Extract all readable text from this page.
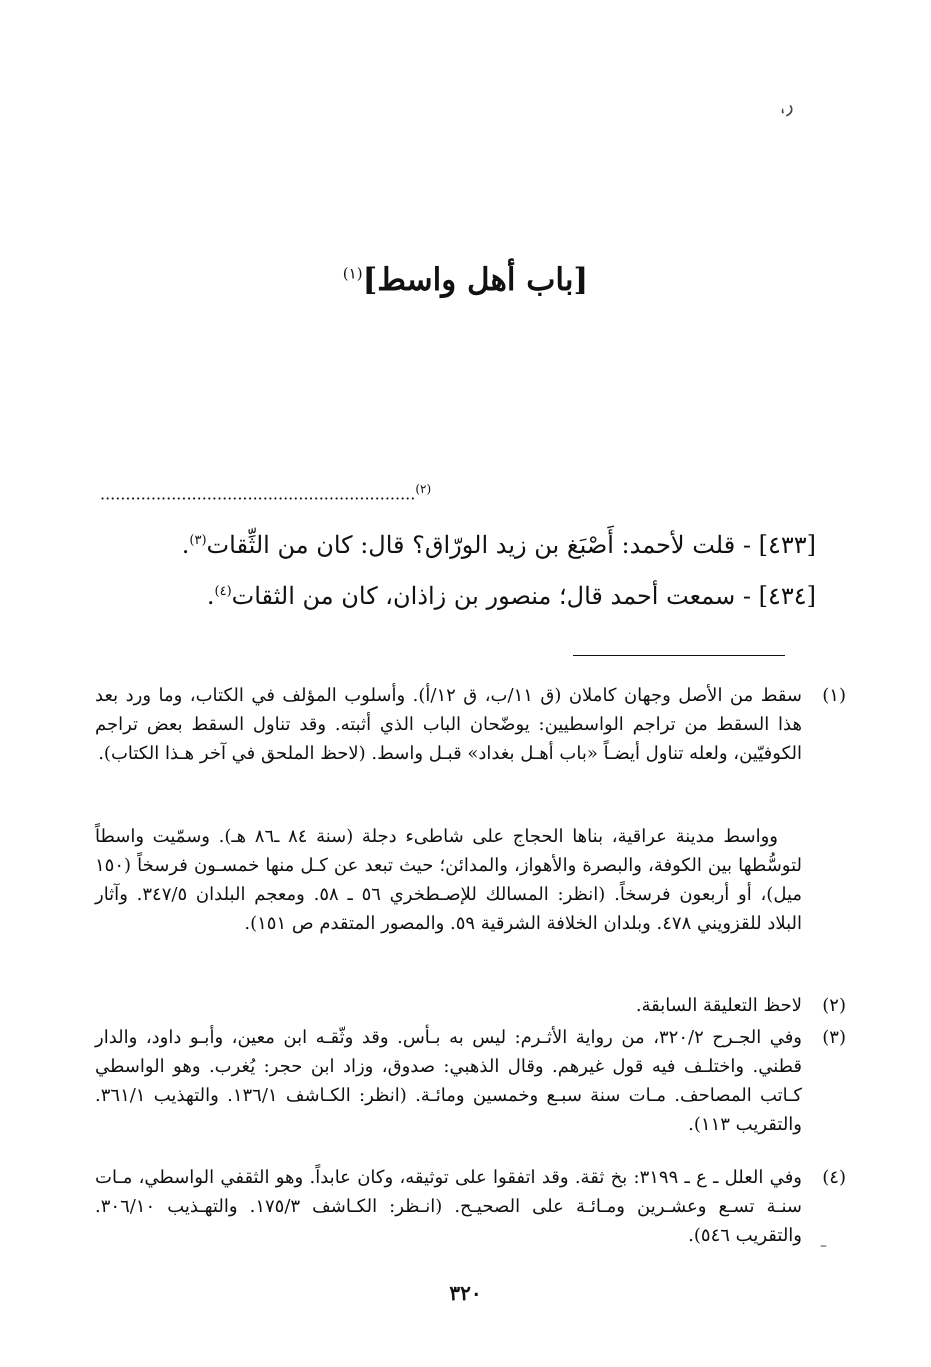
،ر
[باب أهل واسط]$^{(١)}$
..............................................................$^{(٢)}$
[٤٣٣] - قلت لأحمد: أَصْبَغ بن زيد الورّاق؟ قال: كان من الثِّقات$^{(٣)}$.
[٤٣٤] - سمعت أحمد قال؛ منصور بن زاذان، كان من الثقات$^{(٤)}$.
(١)
سقط من الأصل وجهان كاملان (ق ١١/ب، ق ١٢/أ). وأسلوب المؤلف في الكتاب، وما ورد بعد هذا السقط من تراجم الواسطيين: يوضّحان الباب الذي أثبته. وقد تناول السقط بعض تراجم الكوفيّين، ولعله تناول أيضـاً «باب أهـل بغداد» قبـل واسط. (لاحظ الملحق في آخر هـذا الكتاب).
وواسط مدينة عراقية، بناها الحجاج على شاطىء دجلة (سنة ٨٤ ـ٨٦ هـ). وسمّيت واسطاً لتوسُّطها بين الكوفة، والبصرة والأهواز، والمدائن؛ حيث تبعد عن كـل منها خمسـون فرسخاً (١٥٠ ميل)، أو أربعون فرسخاً. (انظر: المسالك للإصـطخري ٥٦ ـ ٥٨. ومعجم البلدان ٣٤٧/٥. وآثار البلاد للقزويني ٤٧٨. وبلدان الخلافة الشرقية ٥٩. والمصور المتقدم ص ١٥١).
(٢)
لاحظ التعليقة السابقة.
(٣)
وفي الجـرح ٣٢٠/٢، من رواية الأثـرم: ليس به بـأس. وقد وثّقـه ابن معين، وأبـو داود، والدار قطني. واختلـف فيه قول غيرهم. وقال الذهبي: صدوق، وزاد ابن حجر: يُغرب. وهو الواسطي كـاتب المصاحف. مـات سنة سبـع وخمسين ومائـة. (انظر: الكـاشف ١٣٦/١. والتهذيب ٣٦١/١. والتقريب ١١٣).
(٤)
وفي العلل ـ ع ـ ٣١٩٩: بخ ثقة. وقد اتفقوا على توثيقه، وكان عابداً. وهو الثقفي الواسطي، مـات سنـة تسـع وعشـرين ومـائـة على الصحيـح. (انـظر: الكـاشف ١٧٥/٣. والتهـذيب ٣٠٦/١٠. والتقريب ٥٤٦). –
٣٢٠
